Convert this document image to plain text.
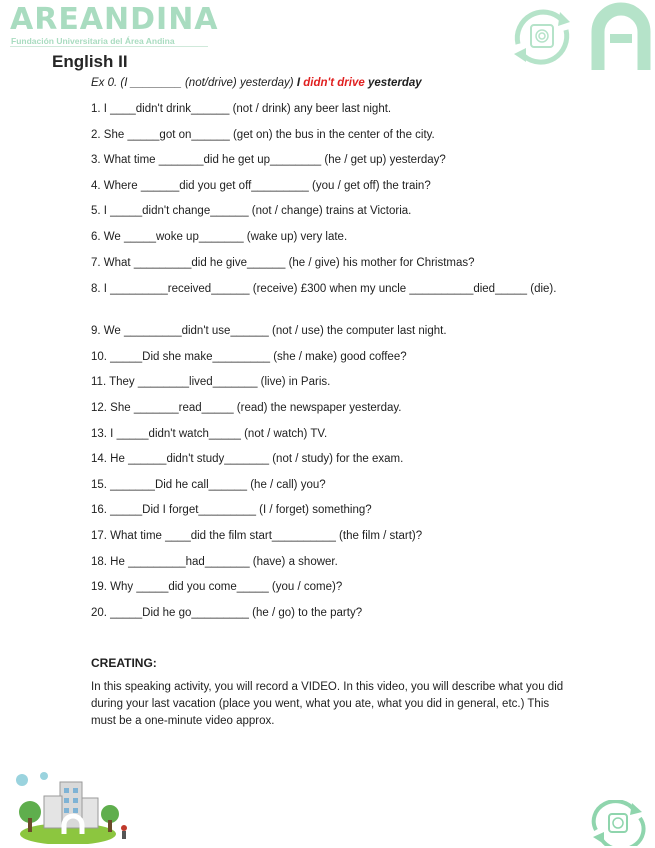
AREANDINA
Fundación Universitaria del Área Andina
English II
Ex 0. (I ________ (not/drive) yesterday) I didn't drive yesterday
1. I ____didn't drink______ (not / drink) any beer last night.
2. She _____got on______ (get on) the bus in the center of the city.
3. What time _______did he get up________ (he / get up) yesterday?
4. Where ______did you get off_________ (you / get off) the train?
5. I _____didn't change______ (not / change) trains at Victoria.
6. We _____woke up_______ (wake up) very late.
7. What _________did he give______ (he / give) his mother for Christmas?
8. I _________received______ (receive) £300 when my uncle __________died_____ (die).
9. We _________didn't use______ (not / use) the computer last night.
10. _____Did she make_________ (she / make) good coffee?
11. They ________lived_______ (live) in Paris.
12. She _______read_____ (read) the newspaper yesterday.
13. I _____didn't watch_____ (not / watch) TV.
14. He ______didn't study_______ (not / study) for the exam.
15. _______Did he call______ (he / call) you?
16. _____Did I forget_________ (I / forget) something?
17. What time ____did the film start__________ (the film / start)?
18. He _________had_______ (have) a shower.
19. Why _____did you come_____ (you / come)?
20. _____Did he go_________ (he / go) to the party?
CREATING:
In this speaking activity, you will record a VIDEO. In this video, you will describe what you did during your last vacation (place you went, what you ate, what you did in general, etc.) This must be a one-minute video approx.
